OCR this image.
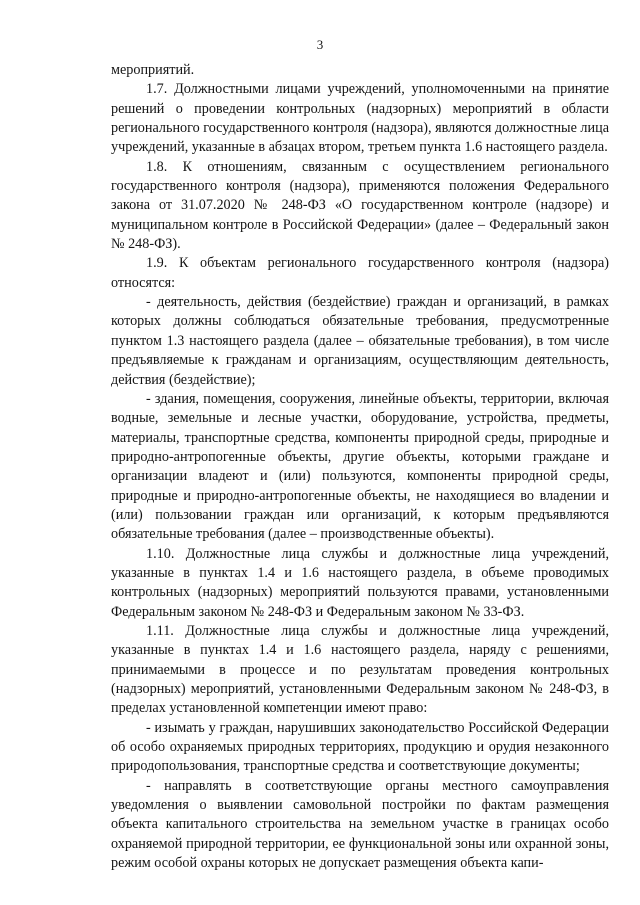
3

мероприятий.

1.7. Должностными лицами учреждений, уполномоченными на принятие решений о проведении контрольных (надзорных) мероприятий в области регионального государственного контроля (надзора), являются должностные лица учреждений, указанные в абзацах втором, третьем пункта 1.6 настоящего раздела.

1.8. К отношениям, связанным с осуществлением регионального государственного контроля (надзора), применяются положения Федерального закона от 31.07.2020 № 248-ФЗ «О государственном контроле (надзоре) и муниципальном контроле в Российской Федерации» (далее – Федеральный закон № 248-ФЗ).

1.9. К объектам регионального государственного контроля (надзора) относятся:

- деятельность, действия (бездействие) граждан и организаций, в рамках которых должны соблюдаться обязательные требования, предусмотренные пунктом 1.3 настоящего раздела (далее – обязательные требования), в том числе предъявляемые к гражданам и организациям, осуществляющим деятельность, действия (бездействие);

- здания, помещения, сооружения, линейные объекты, территории, включая водные, земельные и лесные участки, оборудование, устройства, предметы, материалы, транспортные средства, компоненты природной среды, природные и природно-антропогенные объекты, другие объекты, которыми граждане и организации владеют и (или) пользуются, компоненты природной среды, природные и природно-антропогенные объекты, не находящиеся во владении и (или) пользовании граждан или организаций, к которым предъявляются обязательные требования (далее – производственные объекты).

1.10. Должностные лица службы и должностные лица учреждений, указанные в пунктах 1.4 и 1.6 настоящего раздела, в объеме проводимых контрольных (надзорных) мероприятий пользуются правами, установленными Федеральным законом № 248-ФЗ и Федеральным законом № 33-ФЗ.

1.11. Должностные лица службы и должностные лица учреждений, указанные в пунктах 1.4 и 1.6 настоящего раздела, наряду с решениями, принимаемыми в процессе и по результатам проведения контрольных (надзорных) мероприятий, установленными Федеральным законом № 248-ФЗ, в пределах установленной компетенции имеют право:

- изымать у граждан, нарушивших законодательство Российской Федерации об особо охраняемых природных территориях, продукцию и орудия незаконного природопользования, транспортные средства и соответствующие документы;

- направлять в соответствующие органы местного самоуправления уведомления о выявлении самовольной постройки по фактам размещения объекта капитального строительства на земельном участке в границах особо охраняемой природной территории, ее функциональной зоны или охранной зоны, режим особой охраны которых не допускает размещения объекта капи-
